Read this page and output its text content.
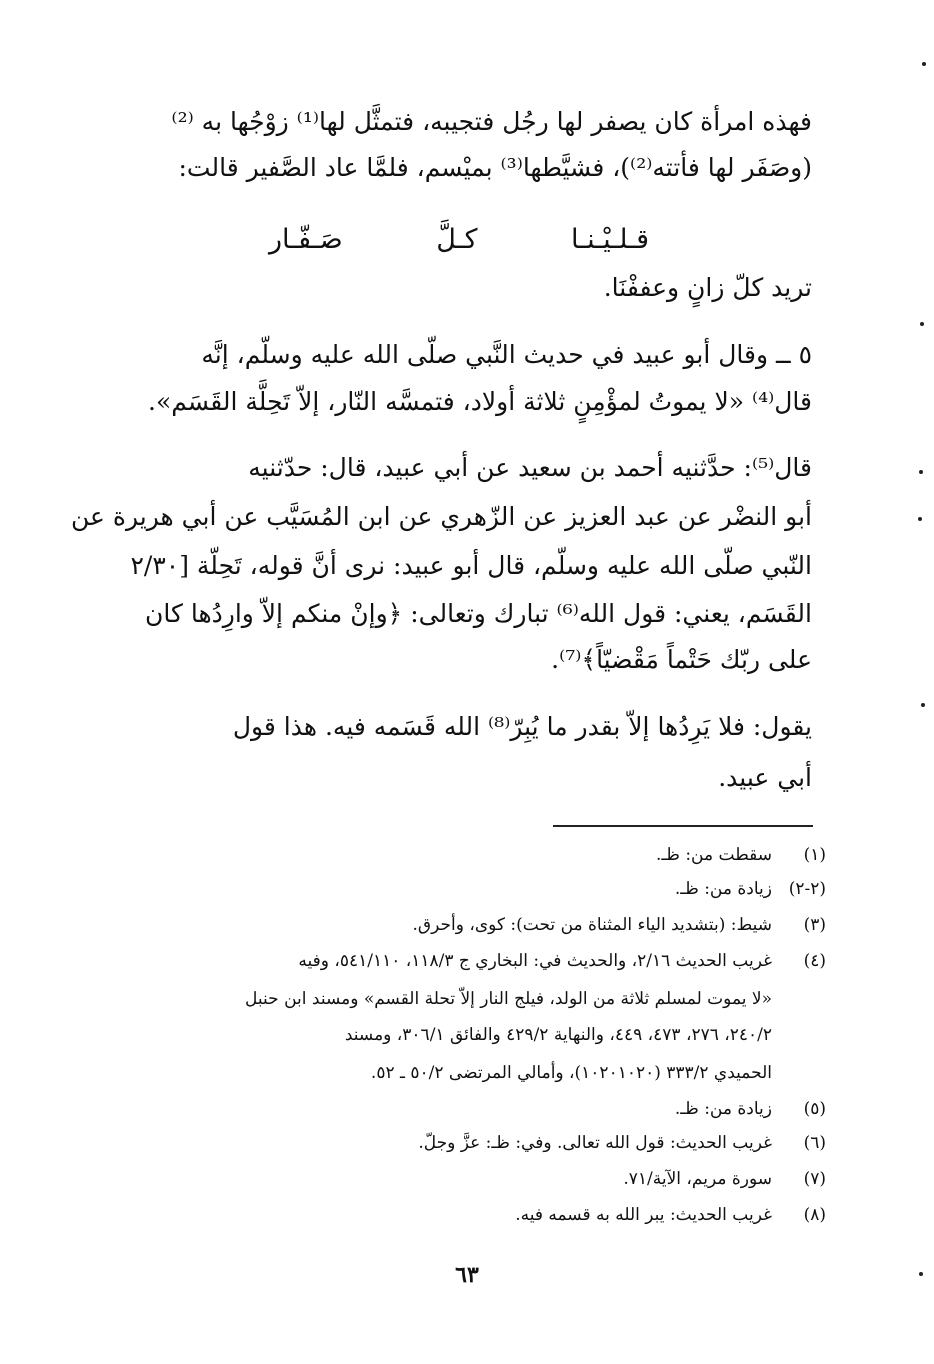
فهذه امرأة كان يصفر لها رجُل فتجيبه، فتمثَّل لها⁽¹⁾ زوْجُها به ⁽²⁾
(وصَفَر لها فأتته⁽²⁾)، فشيَّطها⁽³⁾ بميْسم، فلمَّا عاد الصَّفير قالت:
قـلـيْـنـا
كـلَّ
صَـفّـار
تريد كلّ زانٍ وعففْنَا.
٥ ــ وقال أبو عبيد في حديث النَّبي صلّى الله عليه وسلّم، إنَّه
قال⁽⁴⁾ «لا يموتُ لمؤْمِنٍ ثلاثة أولاد، فتمسَّه النّار، إلاّ تَحِلَّة القَسَم».
قال⁽⁵⁾: حدَّثنيه أحمد بن سعيد عن أبي عبيد، قال: حدّثنيه
أبو النضْر عن عبد العزيز عن الزّهري عن ابن المُسَيَّب عن أبي هريرة عن
النّبي صلّى الله عليه وسلّم، قال أبو عبيد: نرى أنَّ قوله، تَحِلّة [٢/٣٠
القَسَم، يعني: قول الله⁽⁶⁾ تبارك وتعالى: ﴿وإنْ منكم إلاّ وارِدُها كان
على ربّك حَتْماً مَقْضيّاً﴾⁽⁷⁾.
يقول: فلا يَرِدُها إلاّ بقدر ما يُبِرّ⁽⁸⁾ الله قَسَمه فيه. هذا قول
أبي عبيد.
(١)سقطت من: ظـ.
(٢-٢)زيادة من: ظـ.
(٣)شيط: (بتشديد الياء المثناة من تحت): كوى، وأحرق.
(٤)غريب الحديث ٢/١٦، والحديث في: البخاري ج ١١٨/٣، ٥٤١/١١٠، وفيه
«لا يموت لمسلم ثلاثة من الولد، فيلج النار إلاّ تحلة القسم» ومسند ابن حنبل
٢٤٠/٢، ٢٧٦، ٤٧٣، ٤٤٩، والنهاية ٤٢٩/٢ والفائق ٣٠٦/١، ومسند
الحميدي ٣٣٣/٢ (١٠٢٠١٠٢٠)، وأمالي المرتضى ٥٠/٢ ـ ٥٢.
(٥)زيادة من: ظـ.
(٦)غريب الحديث: قول الله تعالى. وفي: ظـ: عزَّ وجلّ.
(٧)سورة مريم، الآية/٧١.
(٨)غريب الحديث: يبر الله به قسمه فيه.
٦٣
